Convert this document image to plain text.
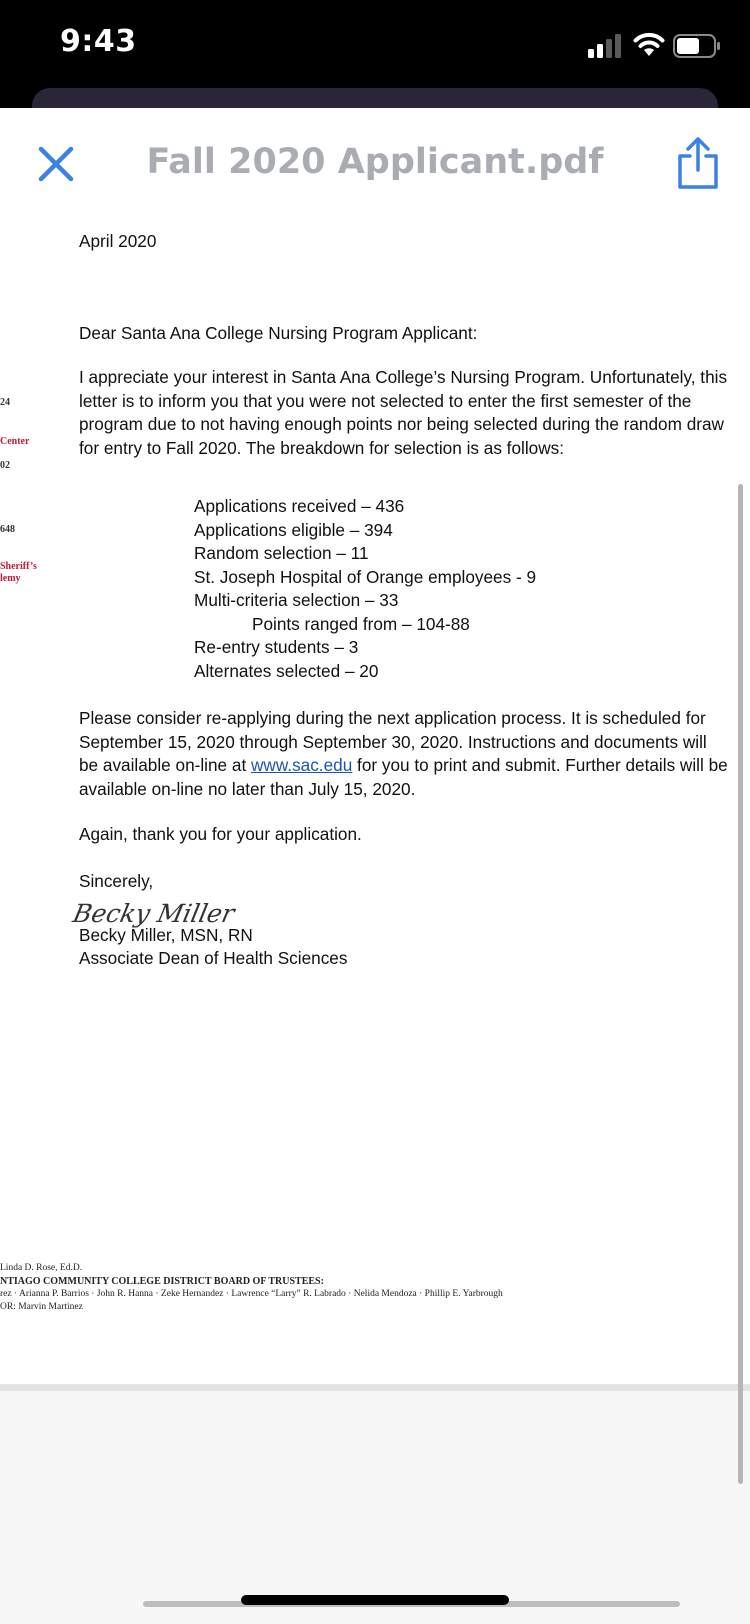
9:43
Fall 2020 Applicant.pdf
24
Center
02
648
Sheriff’s
lemy

April 2020

Dear Santa Ana College Nursing Program Applicant:

I appreciate your interest in Santa Ana College’s Nursing Program. Unfortunately, this letter is to inform you that you were not selected to enter the first semester of the program due to not having enough points nor being selected during the random draw for entry to Fall 2020. The breakdown for selection is as follows:

Applications received – 436
Applications eligible – 394
Random selection – 11
St. Joseph Hospital of Orange employees - 9
Multi-criteria selection – 33
Points ranged from – 104-88
Re-entry students – 3
Alternates selected – 20

Please consider re-applying during the next application process. It is scheduled for September 15, 2020 through September 30, 2020. Instructions and documents will be available on-line at www.sac.edu for you to print and submit. Further details will be available on-line no later than July 15, 2020.

Again, thank you for your application.

Sincerely,

Becky Miller

Becky Miller, MSN, RN

Associate Dean of Health Sciences

Linda D. Rose, Ed.D.
NTIAGO COMMUNITY COLLEGE DISTRICT BOARD OF TRUSTEES:
rez · Arianna P. Barrios · John R. Hanna · Zeke Hernandez · Lawrence “Larry” R. Labrado · Nelida Mendoza · Phillip E. Yarbrough
OR: Marvin Martinez
